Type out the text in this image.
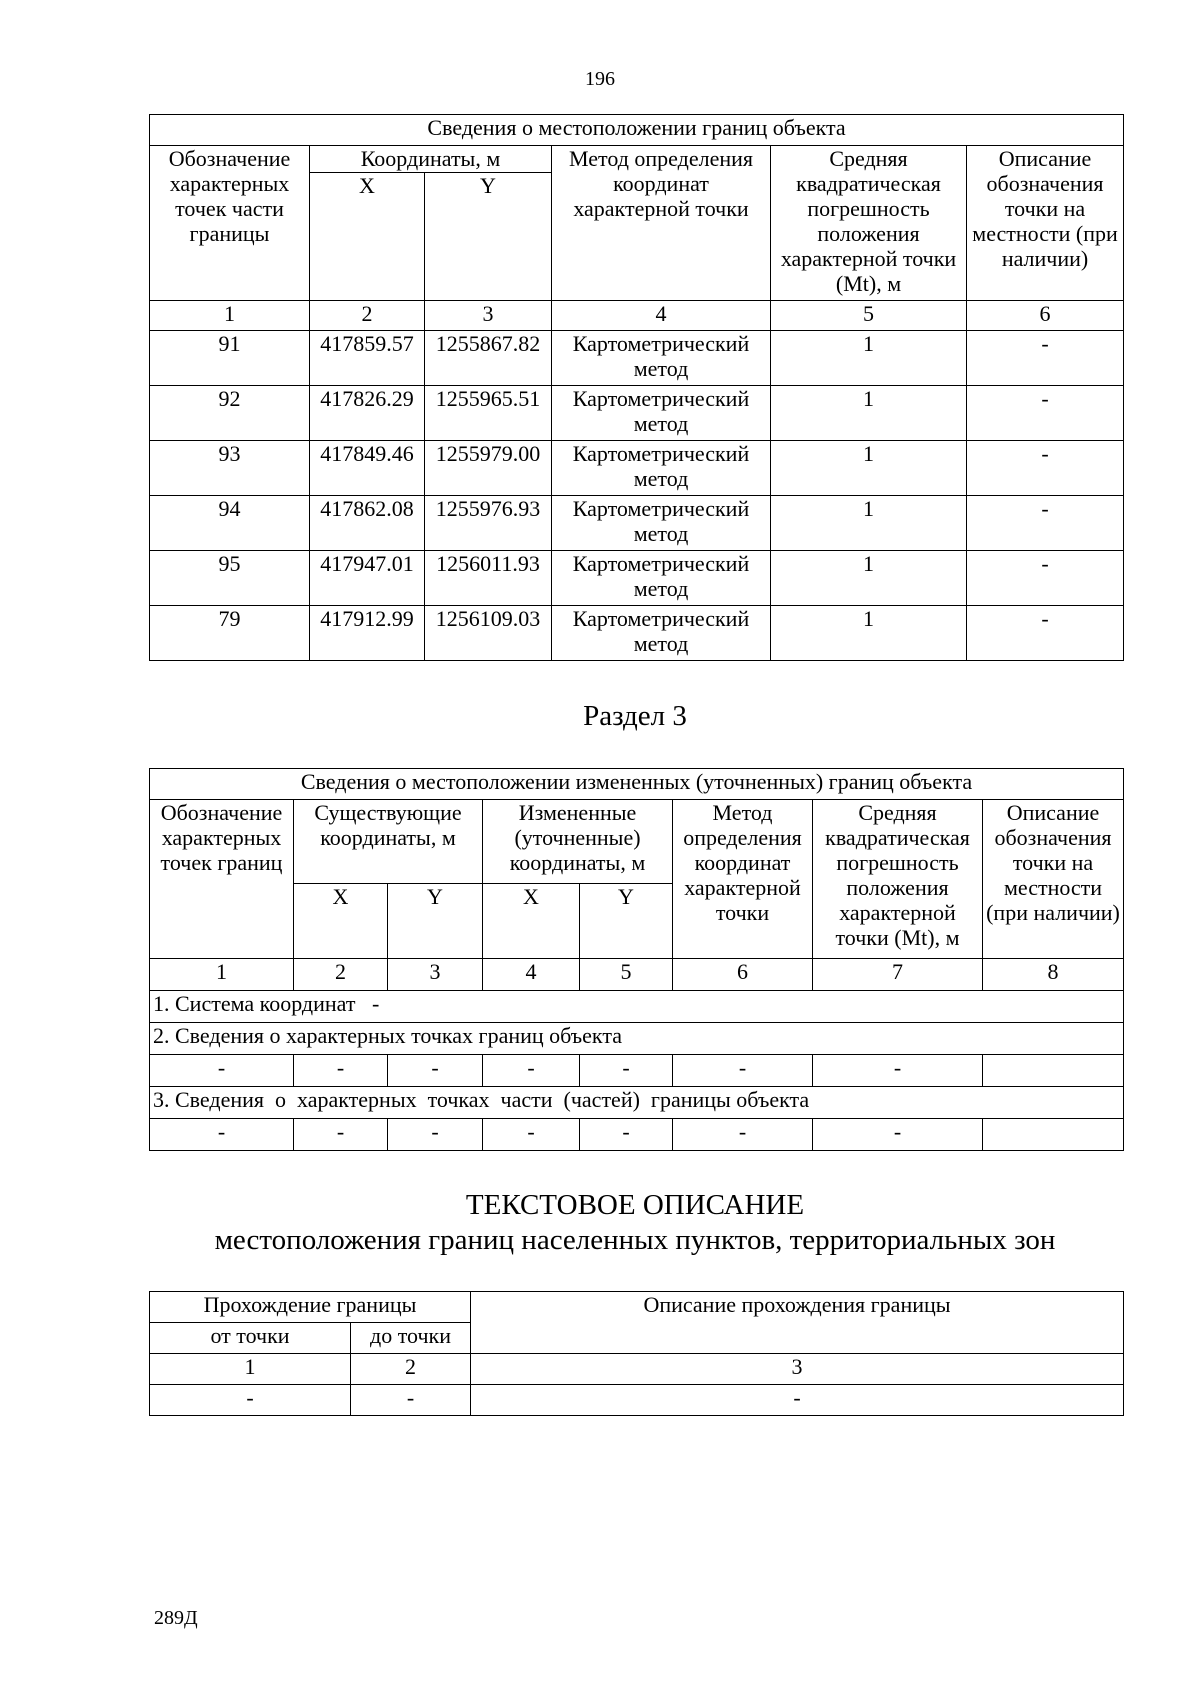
196
Сведения о местоположении границ объекта					
Обозначение характерных точек части границы	Координаты, м		Метод определения координат характерной точки	Средняя квадратическая погрешность положения характерной точки (Mt), м	Описание обозначения точки на местности (при наличии)
	X	Y			
1	2	3	4	5	6
91	417859.57	1255867.82	Картометрический метод	1	-
92	417826.29	1255965.51	Картометрический метод	1	-
93	417849.46	1255979.00	Картометрический метод	1	-
94	417862.08	1255976.93	Картометрический метод	1	-
95	417947.01	1256011.93	Картометрический метод	1	-
79	417912.99	1256109.03	Картометрический метод	1	-
Раздел 3
Сведения о местоположении измененных (уточненных) границ объекта							
Обозначение характерных точек границ	Существующие координаты, м		Измененные (уточненные) координаты, м		Метод определения координат характерной точки	Средняя квадратическая погрешность положения характерной точки (Mt), м	Описание обозначения точки на местности (при наличии)
	X	Y	X	Y			
1	2	3	4	5	6	7	8
1. Система координат   -							
2. Сведения о характерных точках границ объекта							
-	-	-	-	-	-	-	
3. Сведения  о  характерных  точках  части  (частей)  границы объекта							
-	-	-	-	-	-	-	
ТЕКСТОВОЕ ОПИСАНИЕ
местоположения границ населенных пунктов, территориальных зон
Прохождение границы		Описание прохождения границы
от точки	до точки	
1	2	3
-	-	-
289Д
